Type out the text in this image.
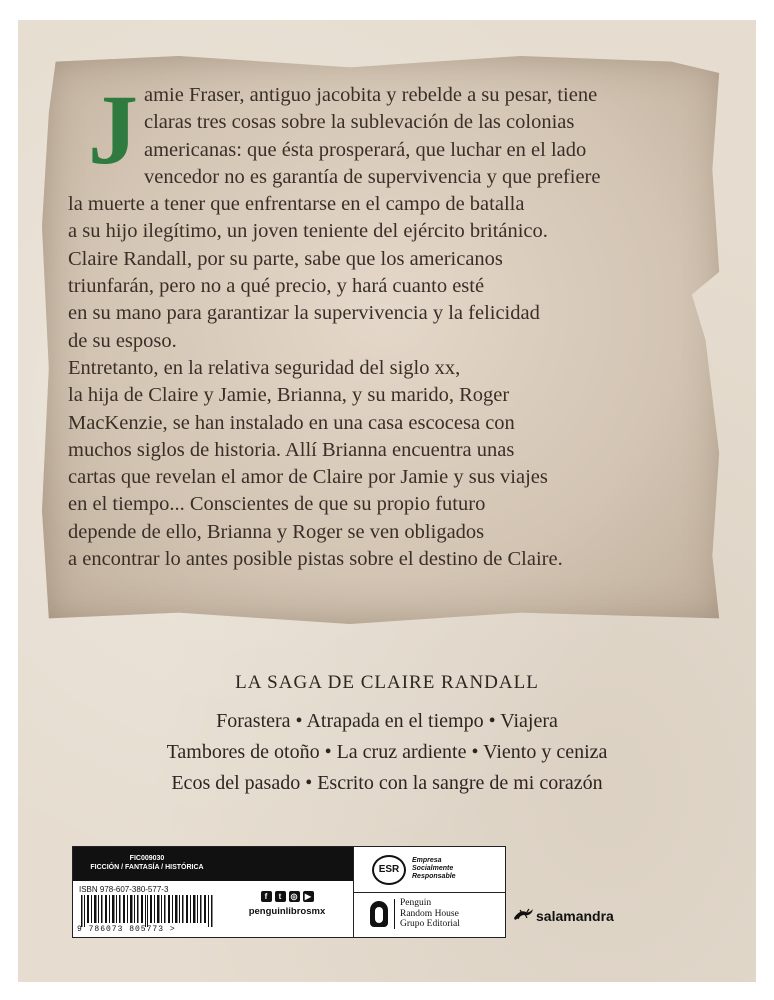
J amie Fraser, antiguo jacobita y rebelde a su pesar, tiene

claras tres cosas sobre la sublevación de las colonias

americanas: que ésta prosperará, que luchar en el lado

vencedor no es garantía de supervivencia y que prefiere

la muerte a tener que enfrentarse en el campo de batalla

a su hijo ilegítimo, un joven teniente del ejército británico.

Claire Randall, por su parte, sabe que los americanos

triunfarán, pero no a qué precio, y hará cuanto esté

en su mano para garantizar la supervivencia y la felicidad

de su esposo.

Entretanto, en la relativa seguridad del siglo xx,

la hija de Claire y Jamie, Brianna, y su marido, Roger

MacKenzie, se han instalado en una casa escocesa con

muchos siglos de historia. Allí Brianna encuentra unas

cartas que revelan el amor de Claire por Jamie y sus viajes

en el tiempo... Conscientes de que su propio futuro

depende de ello, Brianna y Roger se ven obligados

a encontrar lo antes posible pistas sobre el destino de Claire.

LA SAGA DE CLAIRE RANDALL
Forastera • Atrapada en el tiempo • Viajera
Tambores de otoño • La cruz ardiente • Viento y ceniza
Ecos del pasado • Escrito con la sangre de mi corazón
FIC009030
FICCIÓN / FANTASÍA / HISTÓRICA
ISBN 978-607-380-577-3
9 786073 805773 >
f	t	◎ ▶
penguinlibrosmx
ESR
Empresa
Socialmente
Responsable
Penguin
Random House
Grupo Editorial	salamandra
